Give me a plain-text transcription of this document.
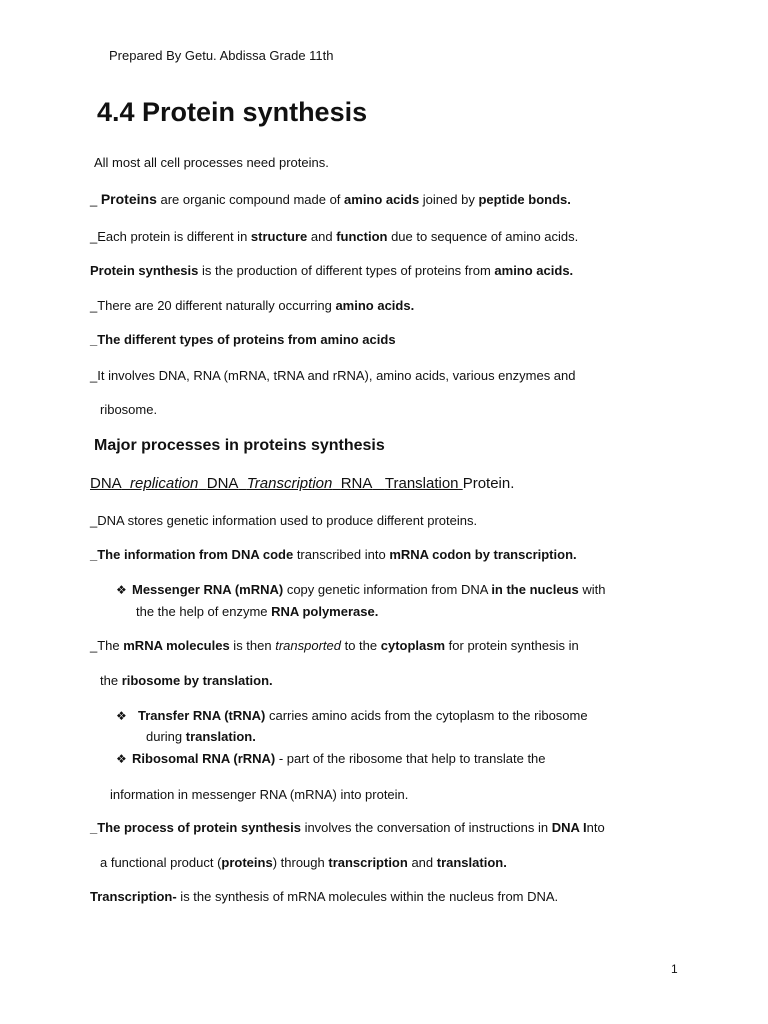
Prepared By Getu. Abdissa Grade 11th
4.4 Protein synthesis
All most all cell processes need proteins.
_ Proteins are organic compound made of amino acids joined by peptide bonds.
_Each protein is different in structure and function due to sequence of amino acids.
Protein synthesis is the production of different types of proteins from amino acids.
_There are 20 different naturally occurring amino acids.
_The different types of proteins from amino acids
_It involves DNA, RNA (mRNA, tRNA and rRNA), amino acids, various enzymes and
ribosome.
Major processes in proteins synthesis
DNA replication DNA Transcription RNA Translation Protein.
_DNA stores genetic information used to produce different proteins.
_The information from DNA code transcribed into mRNA codon by transcription.
❖ Messenger RNA (mRNA) copy genetic information from DNA in the nucleus with
the the help of enzyme RNA polymerase.
_The mRNA molecules is then transported to the cytoplasm for protein synthesis in
the ribosome by translation.
❖ Transfer RNA (tRNA) carries amino acids from the cytoplasm to the ribosome
during translation.
❖ Ribosomal RNA (rRNA) - part of the ribosome that help to translate the
information in messenger RNA (mRNA) into protein.
_The process of protein synthesis involves the conversation of instructions in DNA Into
a functional product (proteins) through transcription and translation.
Transcription- is the synthesis of mRNA molecules within the nucleus from DNA.
1
